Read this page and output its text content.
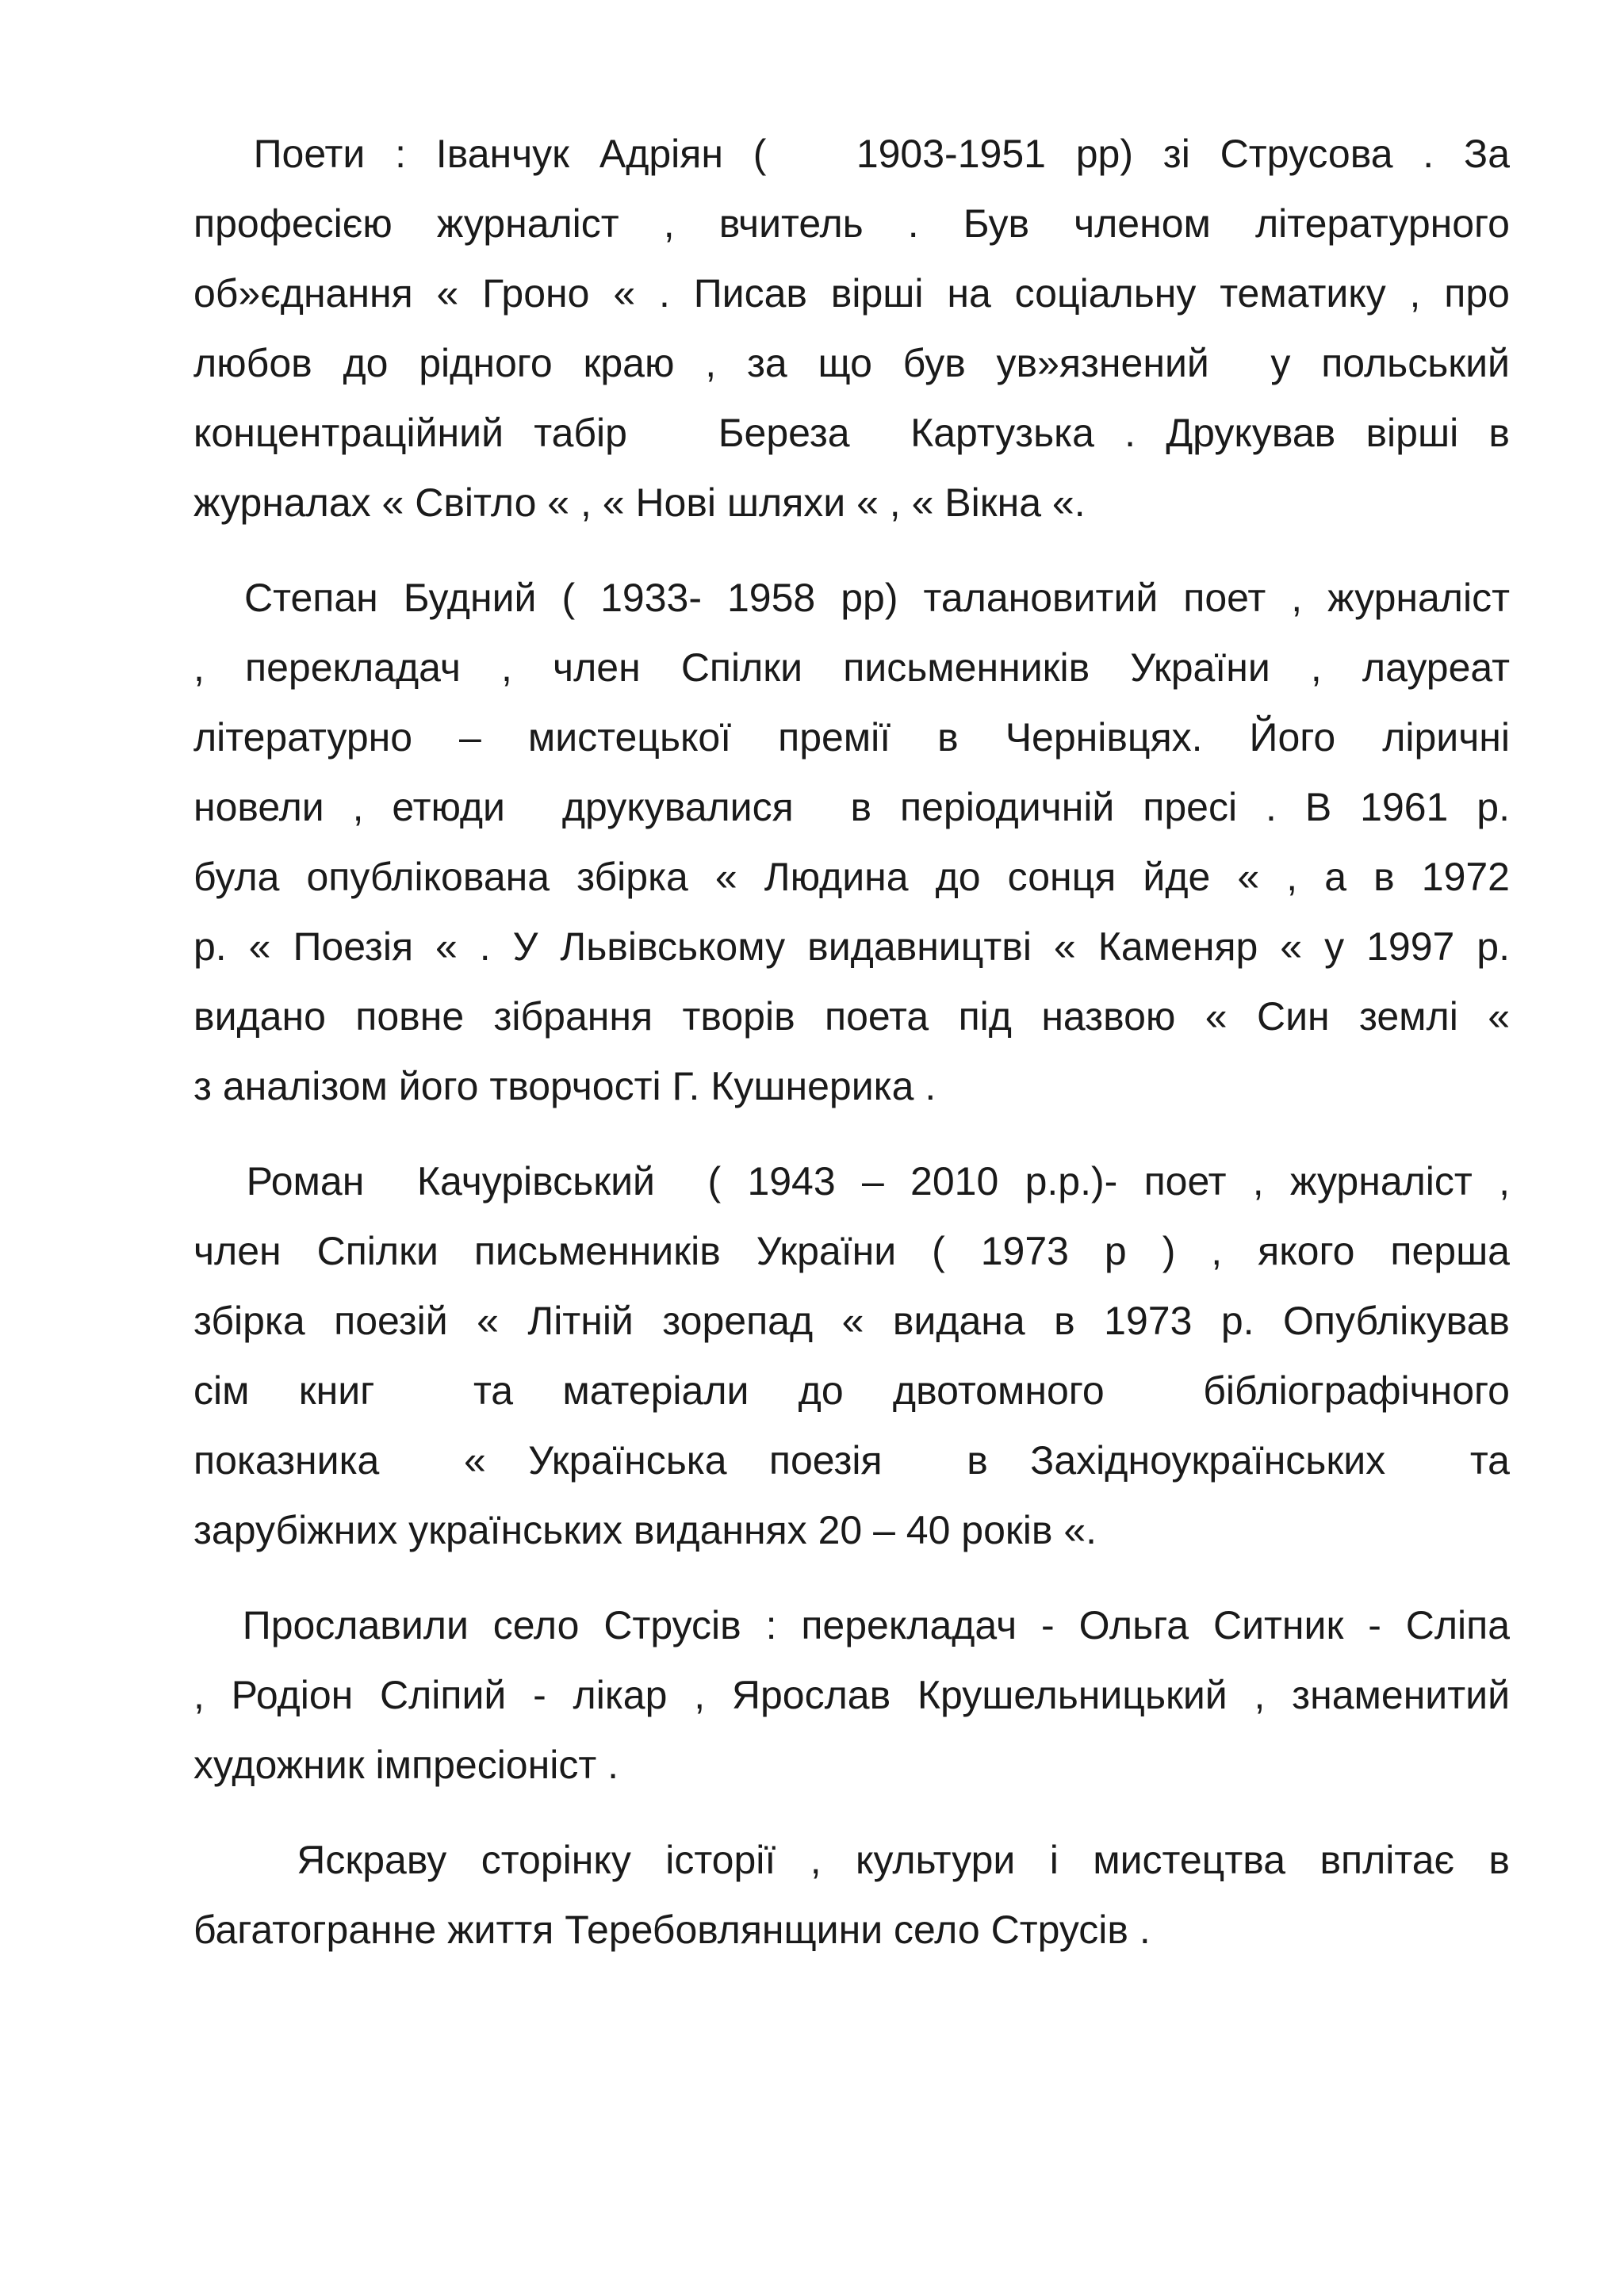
Поети : Іванчук Адріян (   1903-1951 рр) зі Струсова . За
професією журналіст , вчитель . Був членом літературного
об»єднання « Гроно « . Писав вірші на соціальну тематику , про
любов до рідного краю , за що був ув»язнений  у польський
концентраційний табір   Береза  Картузька . Друкував вірші в
журналах « Світло « , « Нові шляхи « , « Вікна «.
Степан Будний ( 1933- 1958 рр) талановитий поет , журналіст
, перекладач , член Спілки письменників України , лауреат
літературно – мистецької премії в Чернівцях. Його ліричні
новели , етюди  друкувалися  в періодичній пресі . В 1961 р.
була опублікована збірка « Людина до сонця йде « , а в 1972
р. « Поезія « . У Львівському видавництві « Каменяр « у 1997 р.
видано повне зібрання творів поета під назвою « Син землі «
з аналізом його творчості Г. Кушнерика .
Роман  Качурівський  ( 1943 – 2010 р.р.)- поет , журналіст ,
член Спілки письменників України ( 1973 р ) , якого перша
збірка поезій « Літній зорепад « видана в 1973 р. Опублікував
сім книг  та матеріали до двотомного  бібліографічного
показника  « Українська поезія  в Західноукраїнських  та
зарубіжних українських виданнях 20 – 40 років «.
Прославили село Струсів : перекладач - Ольга Ситник - Сліпа
, Родіон Сліпий - лікар , Ярослав Крушельницький , знаменитий
художник імпресіоніст .
Яскраву сторінку історії , культури і мистецтва вплітає в
багатогранне життя Теребовлянщини село Струсів .
